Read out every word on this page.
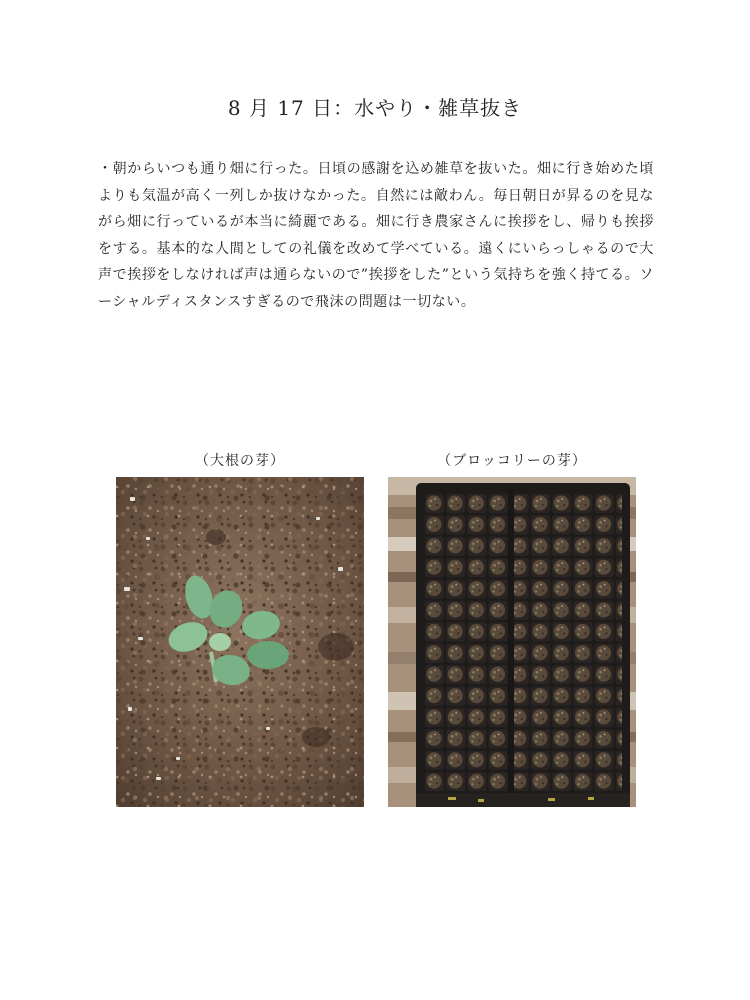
8 月 17 日：水やり・雑草抜き
・朝からいつも通り畑に行った。日頃の感謝を込め雑草を抜いた。畑に行き始めた頃よりも気温が高く一列しか抜けなかった。自然には敵わん。毎日朝日が昇るのを見ながら畑に行っているが本当に綺麗である。畑に行き農家さんに挨拶をし、帰りも挨拶をする。基本的な人間としての礼儀を改めて学べている。遠くにいらっしゃるので大声で挨拶をしなければ声は通らないので”挨拶をした”という気持ちを強く持てる。ソーシャルディスタンスすぎるので飛沫の問題は一切ない。
（大根の芽）	（ブロッコリーの芽）
